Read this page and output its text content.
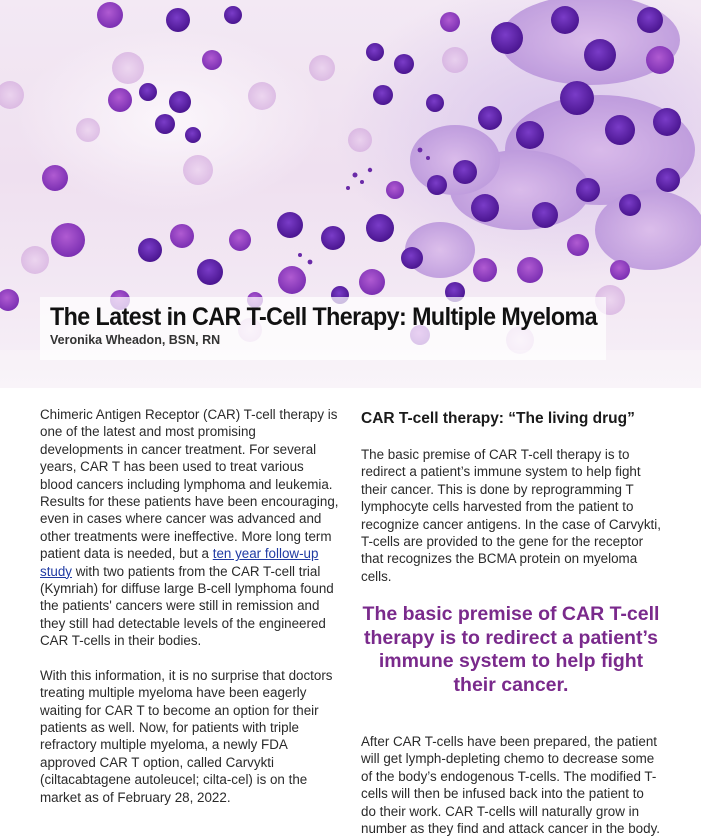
The Latest in CAR T-Cell Therapy: Multiple Myeloma

Veronika Wheadon, BSN, RN

Chimeric Antigen Receptor (CAR) T-cell therapy is one of the latest and most promising developments in cancer treatment. For several years, CAR T has been used to treat various blood cancers including lymphoma and leukemia. Results for these patients have been encouraging, even in cases where cancer was advanced and other treatments were ineffective. More long term patient data is needed, but a ten year follow-up study with two patients from the CAR T-cell trial (Kymriah) for diffuse large B-cell lymphoma found the patients' cancers were still in remission and they still had detectable levels of the engineered CAR T-cells in their bodies.

With this information, it is no surprise that doctors treating multiple myeloma have been eagerly waiting for CAR T to become an option for their patients as well. Now, for patients with triple refractory multiple myeloma, a newly FDA approved CAR T option, called Carvykti (ciltacabtagene autoleucel; cilta-cel) is on the market as of February 28, 2022.

CAR T-cell therapy: “The living drug”

The basic premise of CAR T-cell therapy is to redirect a patient’s immune system to help fight their cancer. This is done by reprogramming T lymphocyte cells harvested from the patient to recognize cancer antigens. In the case of Carvykti, T-cells are provided to the gene for the receptor that recognizes the BCMA protein on myeloma cells.

After CAR T-cells have been prepared, the patient will get lymph-depleting chemo to decrease some of the body’s endogenous T-cells. The modified T-cells will then be infused back into the patient to do their work. CAR T-cells will naturally grow in number as they find and attack cancer in the body.

The basic premise of CAR T-cell therapy is to redirect a patient’s immune system to help fight their cancer.
